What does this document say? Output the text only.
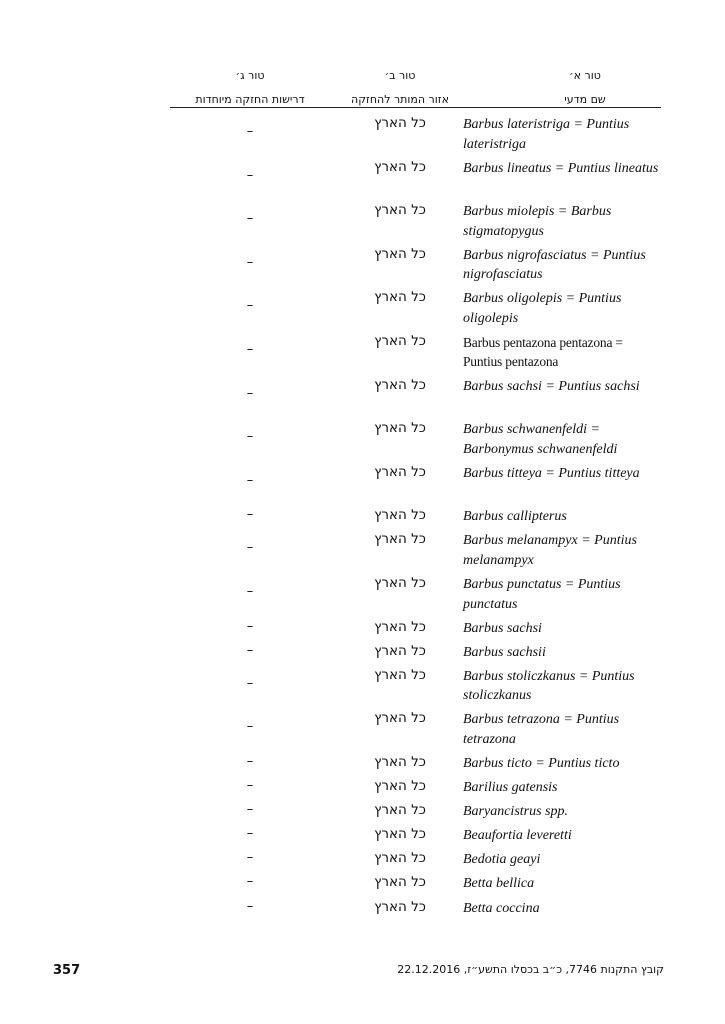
טור א׳
טור ב׳
טור ג׳
שם מדעי
אזור המותר להחזקה
דרישות החזקה מיוחדות
Barbus lateristriga = Puntius lateristriga
כל הארץ
–
Barbus lineatus = Puntius lineatus
כל הארץ
–
Barbus miolepis = Barbus stigmatopygus
כל הארץ
–
Barbus nigrofasciatus = Puntius nigrofasciatus
כל הארץ
–
Barbus oligolepis = Puntius oligolepis
כל הארץ
–
Barbus pentazona pentazona = Puntius pentazona
כל הארץ
–
Barbus sachsi = Puntius sachsi
כל הארץ
–
Barbus schwanenfeldi = Barbonymus schwanenfeldi
כל הארץ
–
Barbus titteya = Puntius titteya
כל הארץ
–
Barbus callipterus
כל הארץ
–
Barbus melanampyx = Puntius melanampyx
כל הארץ
–
Barbus punctatus = Puntius punctatus
כל הארץ
–
Barbus sachsi
כל הארץ
–
Barbus sachsii
כל הארץ
–
Barbus stoliczkanus = Puntius stoliczkanus
כל הארץ
–
Barbus tetrazona = Puntius tetrazona
כל הארץ
–
Barbus ticto = Puntius ticto
כל הארץ
–
Barilius gatensis
כל הארץ
–
Baryancistrus spp.
כל הארץ
–
Beaufortia leveretti
כל הארץ
–
Bedotia geayi
כל הארץ
–
Betta bellica
כל הארץ
–
Betta coccina
כל הארץ
–
357	קובץ התקנות 7746, כ״ב בכסלו התשע״ז, 22.12.2016
